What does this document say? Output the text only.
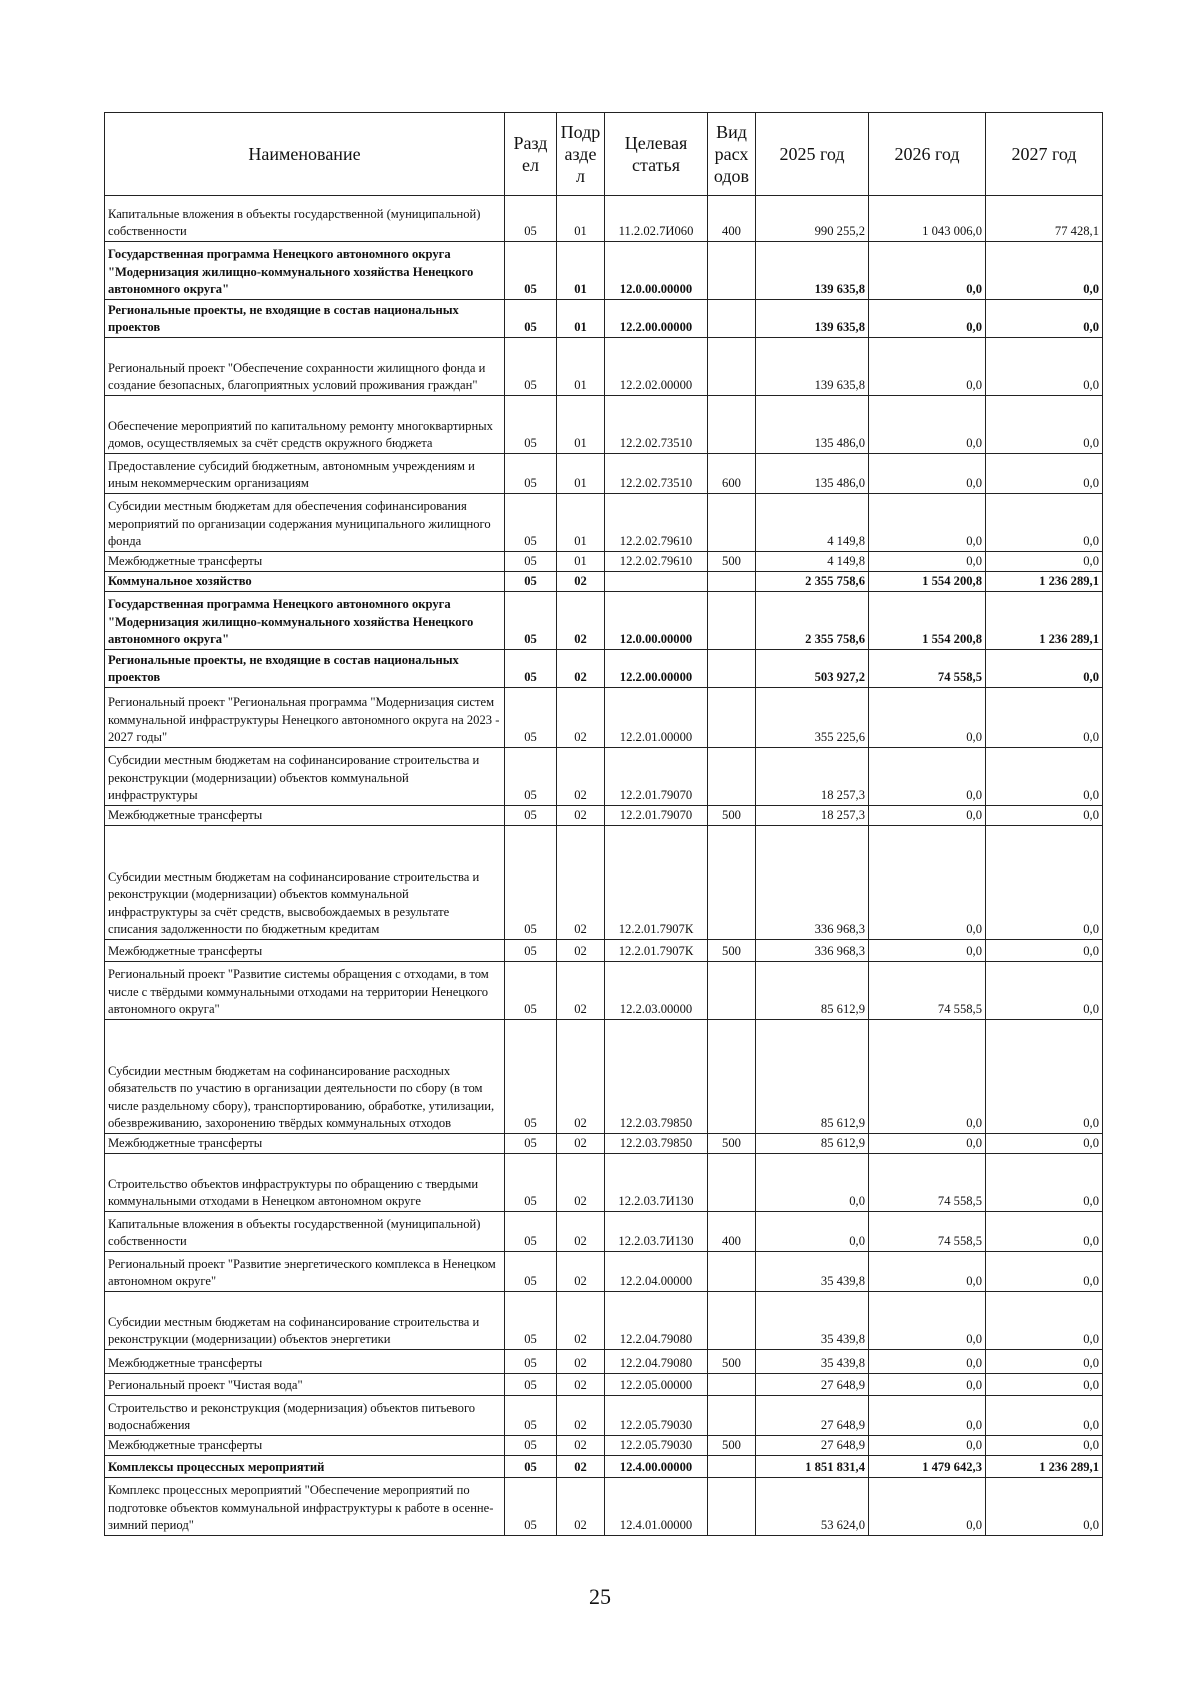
Наименование	Разд ел	Подр азде л	Целевая статья	Вид расх одов	2025 год	2026 год	2027 год
Капитальные вложения в объекты государственной (муниципальной) собственности	05	01	11.2.02.7И060	400	990 255,2	1 043 006,0	77 428,1
Государственная программа Ненецкого автономного округа "Модернизация жилищно-коммунального хозяйства Ненецкого автономного округа"	05	01	12.0.00.00000		139 635,8	0,0	0,0
Региональные проекты, не входящие в состав национальных проектов	05	01	12.2.00.00000		139 635,8	0,0	0,0
Региональный проект "Обеспечение сохранности жилищного фонда и создание безопасных, благоприятных условий проживания граждан"	05	01	12.2.02.00000		139 635,8	0,0	0,0
Обеспечение мероприятий по капитальному ремонту многоквартирных домов, осуществляемых за счёт средств окружного бюджета	05	01	12.2.02.73510		135 486,0	0,0	0,0
Предоставление субсидий бюджетным, автономным учреждениям и иным некоммерческим организациям	05	01	12.2.02.73510	600	135 486,0	0,0	0,0
Субсидии местным бюджетам для обеспечения софинансирования мероприятий по организации содержания муниципального жилищного фонда	05	01	12.2.02.79610		4 149,8	0,0	0,0
Межбюджетные трансферты	05	01	12.2.02.79610	500	4 149,8	0,0	0,0
Коммунальное хозяйство	05	02			2 355 758,6	1 554 200,8	1 236 289,1
Государственная программа Ненецкого автономного округа "Модернизация жилищно-коммунального хозяйства Ненецкого автономного округа"	05	02	12.0.00.00000		2 355 758,6	1 554 200,8	1 236 289,1
Региональные проекты, не входящие в состав национальных проектов	05	02	12.2.00.00000		503 927,2	74 558,5	0,0
Региональный проект "Региональная программа "Модернизация систем коммунальной инфраструктуры Ненецкого автономного округа на 2023 - 2027 годы"	05	02	12.2.01.00000		355 225,6	0,0	0,0
Субсидии местным бюджетам на софинансирование строительства и реконструкции (модернизации) объектов коммунальной инфраструктуры	05	02	12.2.01.79070		18 257,3	0,0	0,0
Межбюджетные трансферты	05	02	12.2.01.79070	500	18 257,3	0,0	0,0
Субсидии местным бюджетам на софинансирование строительства и реконструкции (модернизации) объектов коммунальной инфраструктуры за счёт средств, высвобождаемых в результате списания задолженности по бюджетным кредитам	05	02	12.2.01.7907К		336 968,3	0,0	0,0
Межбюджетные трансферты	05	02	12.2.01.7907К	500	336 968,3	0,0	0,0
Региональный проект "Развитие системы обращения с отходами, в том числе с твёрдыми коммунальными отходами на территории Ненецкого автономного округа"	05	02	12.2.03.00000		85 612,9	74 558,5	0,0
Субсидии местным бюджетам на софинансирование расходных обязательств по участию в организации деятельности по сбору (в том числе раздельному сбору), транспортированию, обработке, утилизации, обезвреживанию, захоронению твёрдых коммунальных отходов	05	02	12.2.03.79850		85 612,9	0,0	0,0
Межбюджетные трансферты	05	02	12.2.03.79850	500	85 612,9	0,0	0,0
Строительство объектов инфраструктуры по обращению с твердыми коммунальными отходами в Ненецком автономном округе	05	02	12.2.03.7И130		0,0	74 558,5	0,0
Капитальные вложения в объекты государственной (муниципальной) собственности	05	02	12.2.03.7И130	400	0,0	74 558,5	0,0
Региональный проект "Развитие энергетического комплекса в Ненецком автономном округе"	05	02	12.2.04.00000		35 439,8	0,0	0,0
Субсидии местным бюджетам на софинансирование строительства и реконструкции (модернизации) объектов энергетики	05	02	12.2.04.79080		35 439,8	0,0	0,0
Межбюджетные трансферты	05	02	12.2.04.79080	500	35 439,8	0,0	0,0
Региональный проект "Чистая вода"	05	02	12.2.05.00000		27 648,9	0,0	0,0
Строительство и реконструкция (модернизация) объектов питьевого водоснабжения	05	02	12.2.05.79030		27 648,9	0,0	0,0
Межбюджетные трансферты	05	02	12.2.05.79030	500	27 648,9	0,0	0,0
Комплексы процессных мероприятий	05	02	12.4.00.00000		1 851 831,4	1 479 642,3	1 236 289,1
Комплекс процессных мероприятий "Обеспечение мероприятий по подготовке объектов коммунальной инфраструктуры к работе в осенне-зимний период"	05	02	12.4.01.00000		53 624,0	0,0	0,0
25
